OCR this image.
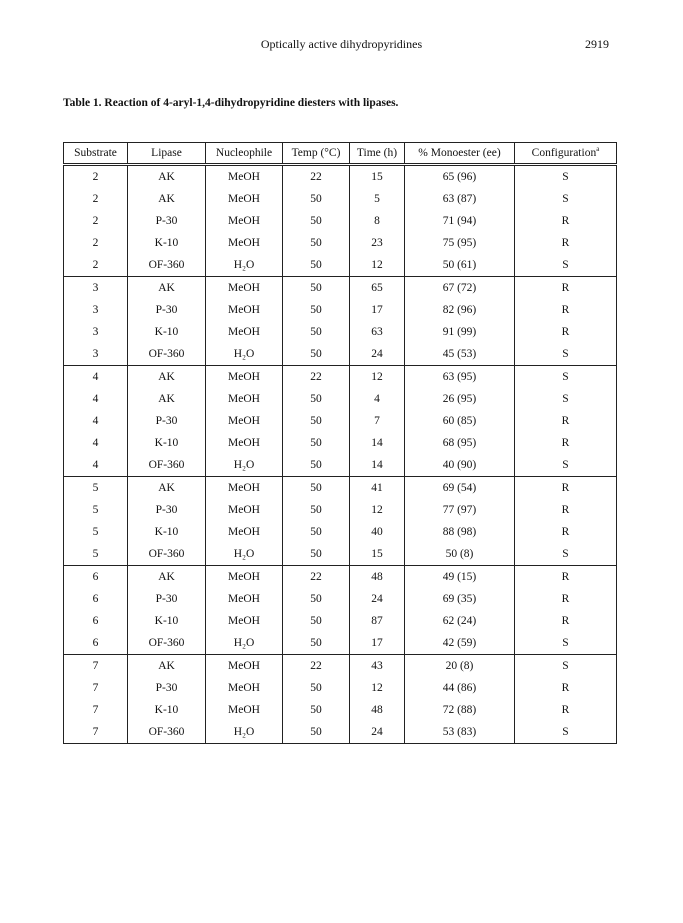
Optically active dihydropyridines	2919
Table 1. Reaction of 4-aryl-1,4-dihydropyridine diesters with lipases.
Substrate	Lipase	Nucleophile	Temp (°C)	Time (h)	% Monoester (ee)	Configuration$^a$
2	AK	MeOH	22	15	65 (96)	S
2	AK	MeOH	50	5	63 (87)	S
2	P-30	MeOH	50	8	71 (94)	R
2	K-10	MeOH	50	23	75 (95)	R
2	OF-360	H₂O	50	12	50 (61)	S
3	AK	MeOH	50	65	67 (72)	R
3	P-30	MeOH	50	17	82 (96)	R
3	K-10	MeOH	50	63	91 (99)	R
3	OF-360	H₂O	50	24	45 (53)	S
4	AK	MeOH	22	12	63 (95)	S
4	AK	MeOH	50	4	26 (95)	S
4	P-30	MeOH	50	7	60 (85)	R
4	K-10	MeOH	50	14	68 (95)	R
4	OF-360	H₂O	50	14	40 (90)	S
5	AK	MeOH	50	41	69 (54)	R
5	P-30	MeOH	50	12	77 (97)	R
5	K-10	MeOH	50	40	88 (98)	R
5	OF-360	H₂O	50	15	50 (8)	S
6	AK	MeOH	22	48	49 (15)	R
6	P-30	MeOH	50	24	69 (35)	R
6	K-10	MeOH	50	87	62 (24)	R
6	OF-360	H₂O	50	17	42 (59)	S
7	AK	MeOH	22	43	20 (8)	S
7	P-30	MeOH	50	12	44 (86)	R
7	K-10	MeOH	50	48	72 (88)	R
7	OF-360	H₂O	50	24	53 (83)	S
